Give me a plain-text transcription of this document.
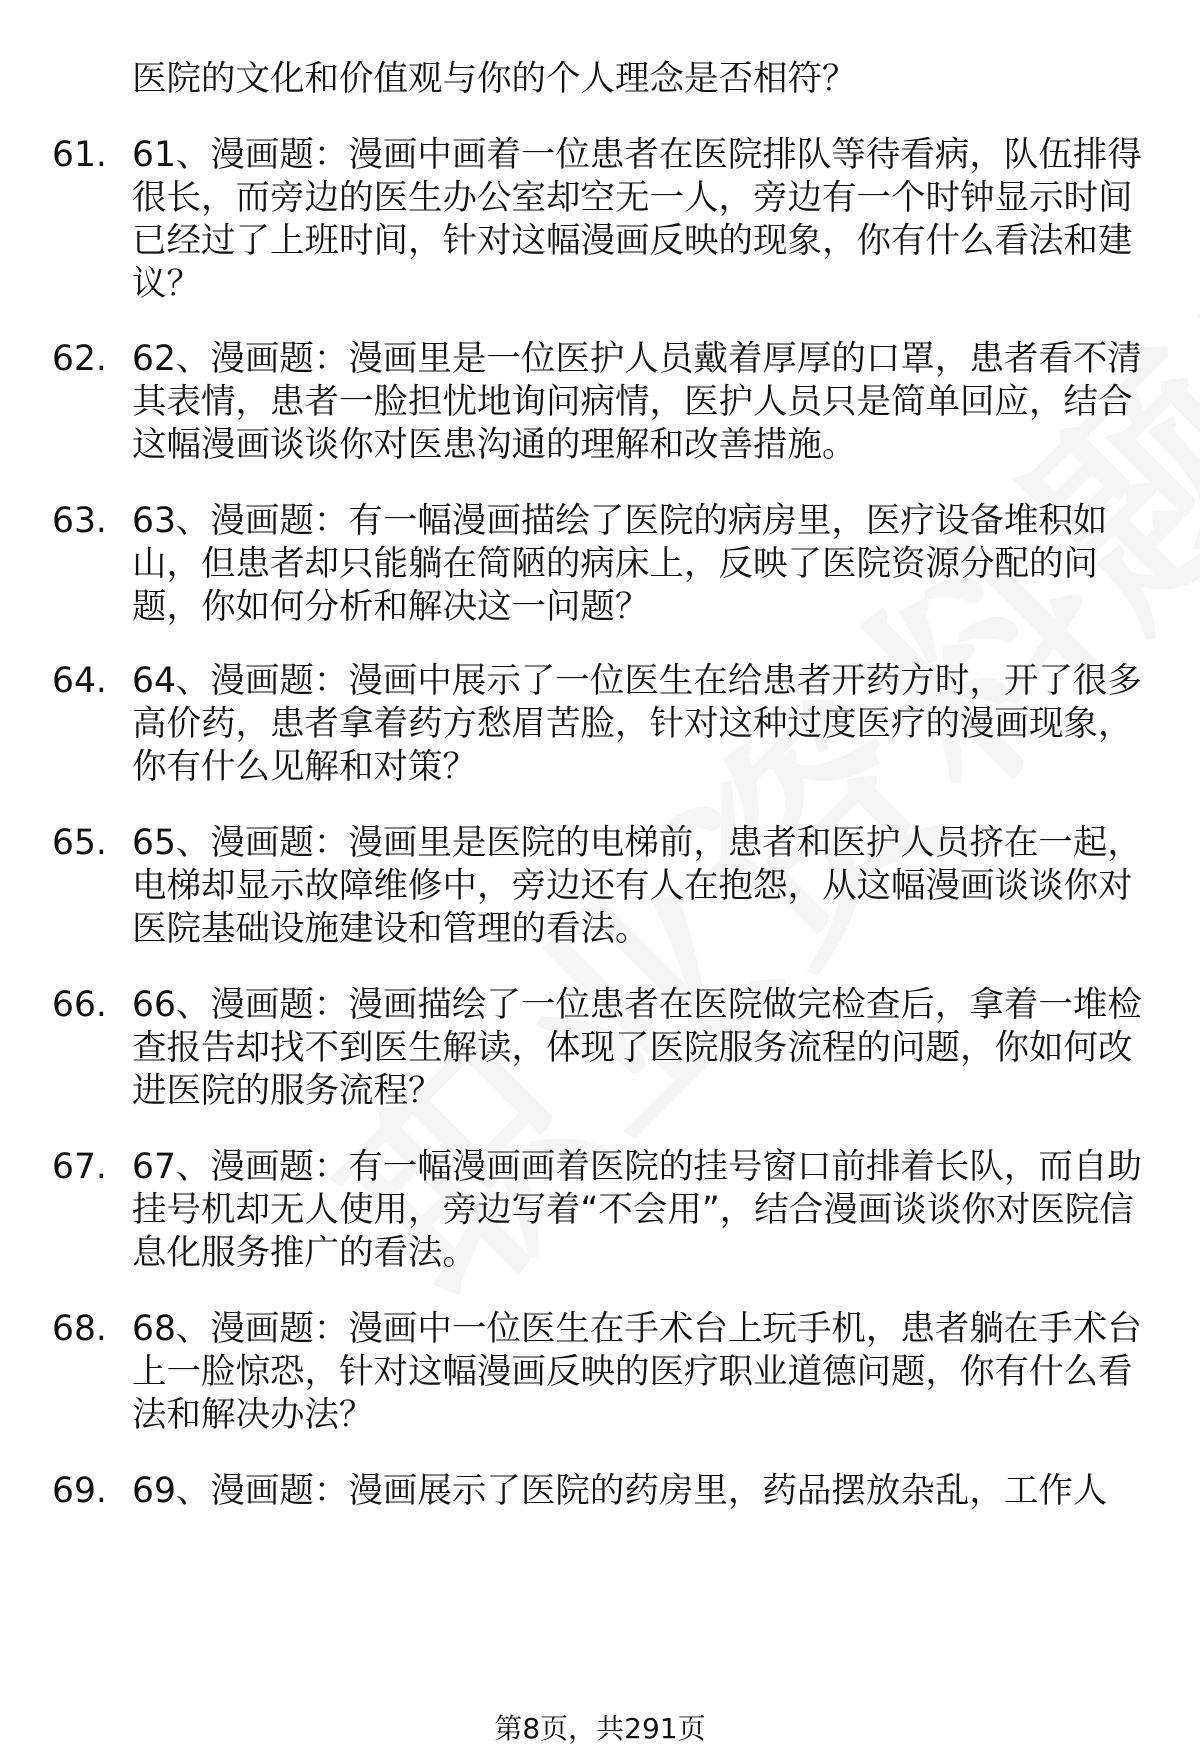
医院的文化和价值观与你的个人理念是否相符？
61. 61、漫画题：漫画中画着一位患者在医院排队等待看病，队伍排得很长，而旁边的医生办公室却空无一人，旁边有一个时钟显示时间已经过了上班时间，针对这幅漫画反映的现象，你有什么看法和建议？
62. 62、漫画题：漫画里是一位医护人员戴着厚厚的口罩，患者看不清其表情，患者一脸担忧地询问病情，医护人员只是简单回应，结合这幅漫画谈谈你对医患沟通的理解和改善措施。
63. 63、漫画题：有一幅漫画描绘了医院的病房里，医疗设备堆积如山，但患者却只能躺在简陋的病床上，反映了医院资源分配的问题，你如何分析和解决这一问题？
64. 64、漫画题：漫画中展示了一位医生在给患者开药方时，开了很多高价药，患者拿着药方愁眉苦脸，针对这种过度医疗的漫画现象，你有什么见解和对策？
65. 65、漫画题：漫画里是医院的电梯前，患者和医护人员挤在一起，电梯却显示故障维修中，旁边还有人在抱怨，从这幅漫画谈谈你对医院基础设施建设和管理的看法。
66. 66、漫画题：漫画描绘了一位患者在医院做完检查后，拿着一堆检查报告却找不到医生解读，体现了医院服务流程的问题，你如何改进医院的服务流程？
67. 67、漫画题：有一幅漫画画着医院的挂号窗口前排着长队，而自助挂号机却无人使用，旁边写着“不会用”，结合漫画谈谈你对医院信息化服务推广的看法。
68. 68、漫画题：漫画中一位医生在手术台上玩手机，患者躺在手术台上一脸惊恐，针对这幅漫画反映的医疗职业道德问题，你有什么看法和解决办法？
69. 69、漫画题：漫画展示了医院的药房里，药品摆放杂乱，工作人
第8页，共291页
